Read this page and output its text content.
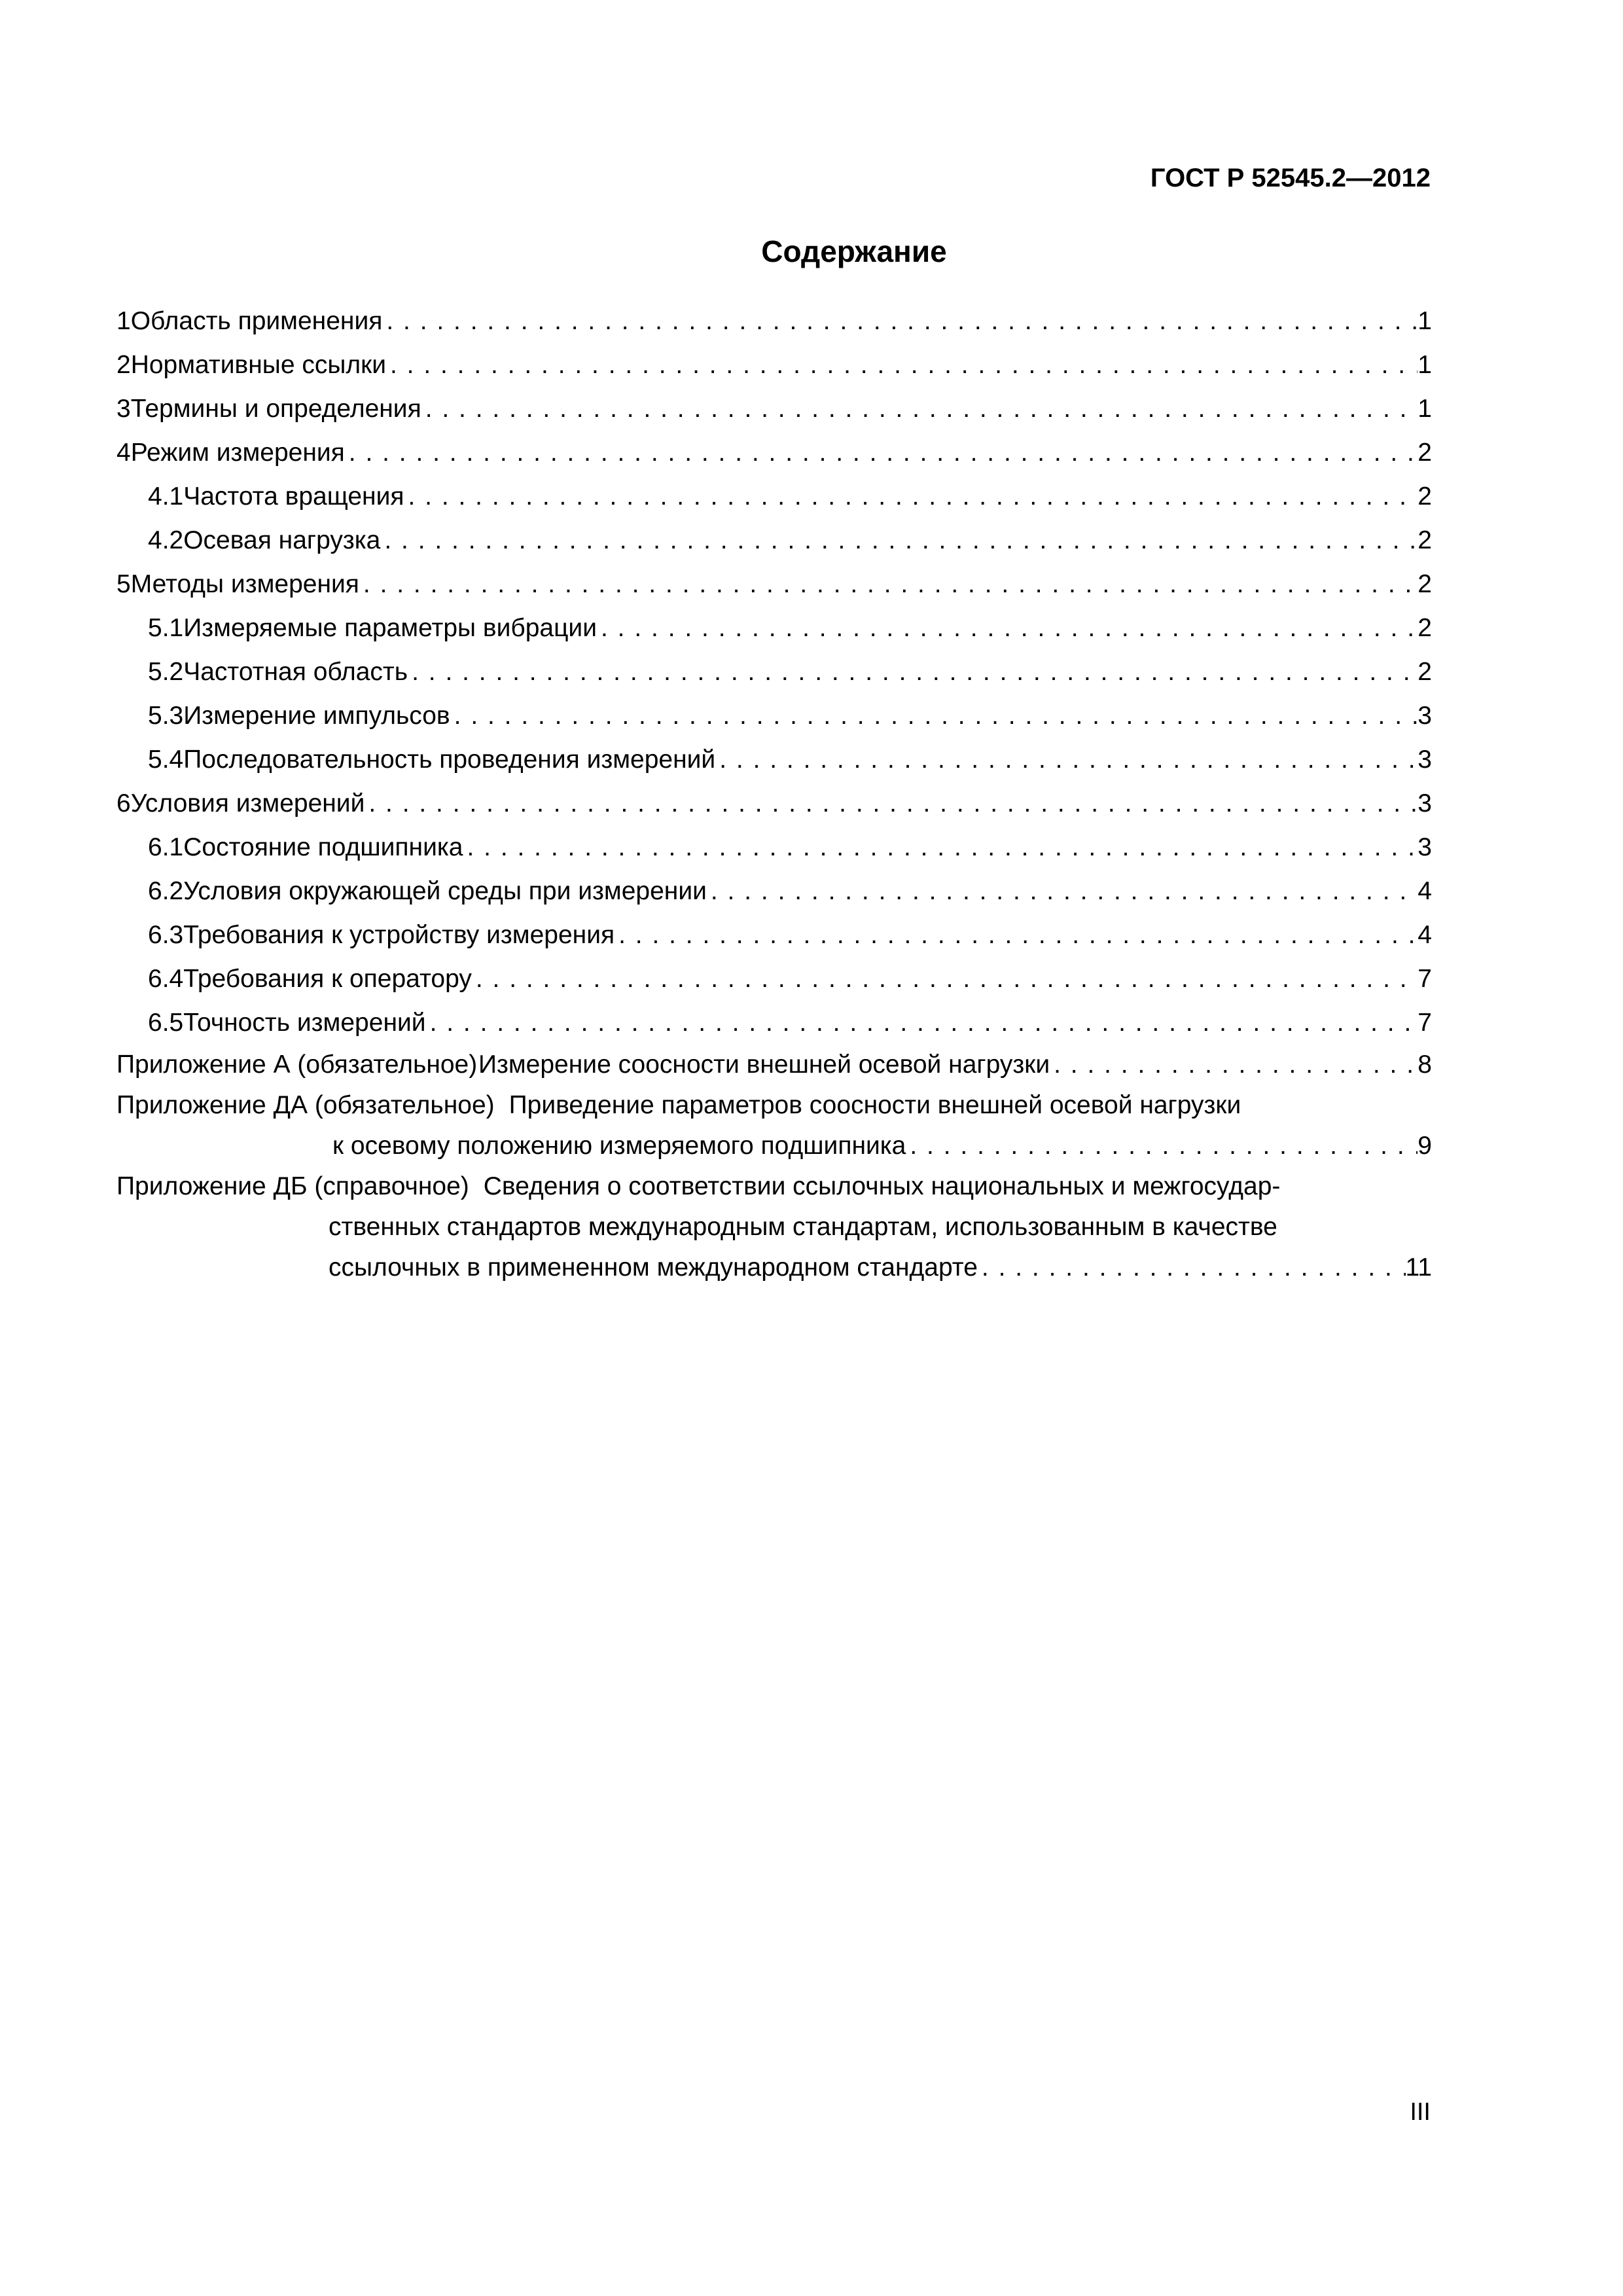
ГОСТ Р 52545.2—2012
Содержание
1 Область применения . . .	1
2 Нормативные ссылки . . .	1
3 Термины и определения . . .	1
4 Режим измерения . . .	2
4.1 Частота вращения . . .	2
4.2 Осевая нагрузка . . .	2
5 Методы измерения . . .	2
5.1 Измеряемые параметры вибрации . . .	2
5.2 Частотная область . . .	2
5.3 Измерение импульсов . . .	3
5.4 Последовательность проведения измерений . . .	3
6 Условия измерений . . .	3
6.1 Состояние подшипника . . .	3
6.2 Условия окружающей среды при измерении . . .	4
6.3 Требования к устройству измерения . . .	4
6.4 Требования к оператору . . .	7
6.5 Точность измерений . . .	7
Приложение А (обязательное) Измерение соосности внешней осевой нагрузки . . .	8
Приложение ДА (обязательное) Приведение параметров соосности внешней осевой нагрузки
к осевому положению измеряемого подшипника . . .	9
Приложение ДБ (справочное) Сведения о соответствии ссылочных национальных и межгосудар-
ственных стандартов международным стандартам, использованным в качестве
ссылочных в примененном международном стандарте . . .	11
III
